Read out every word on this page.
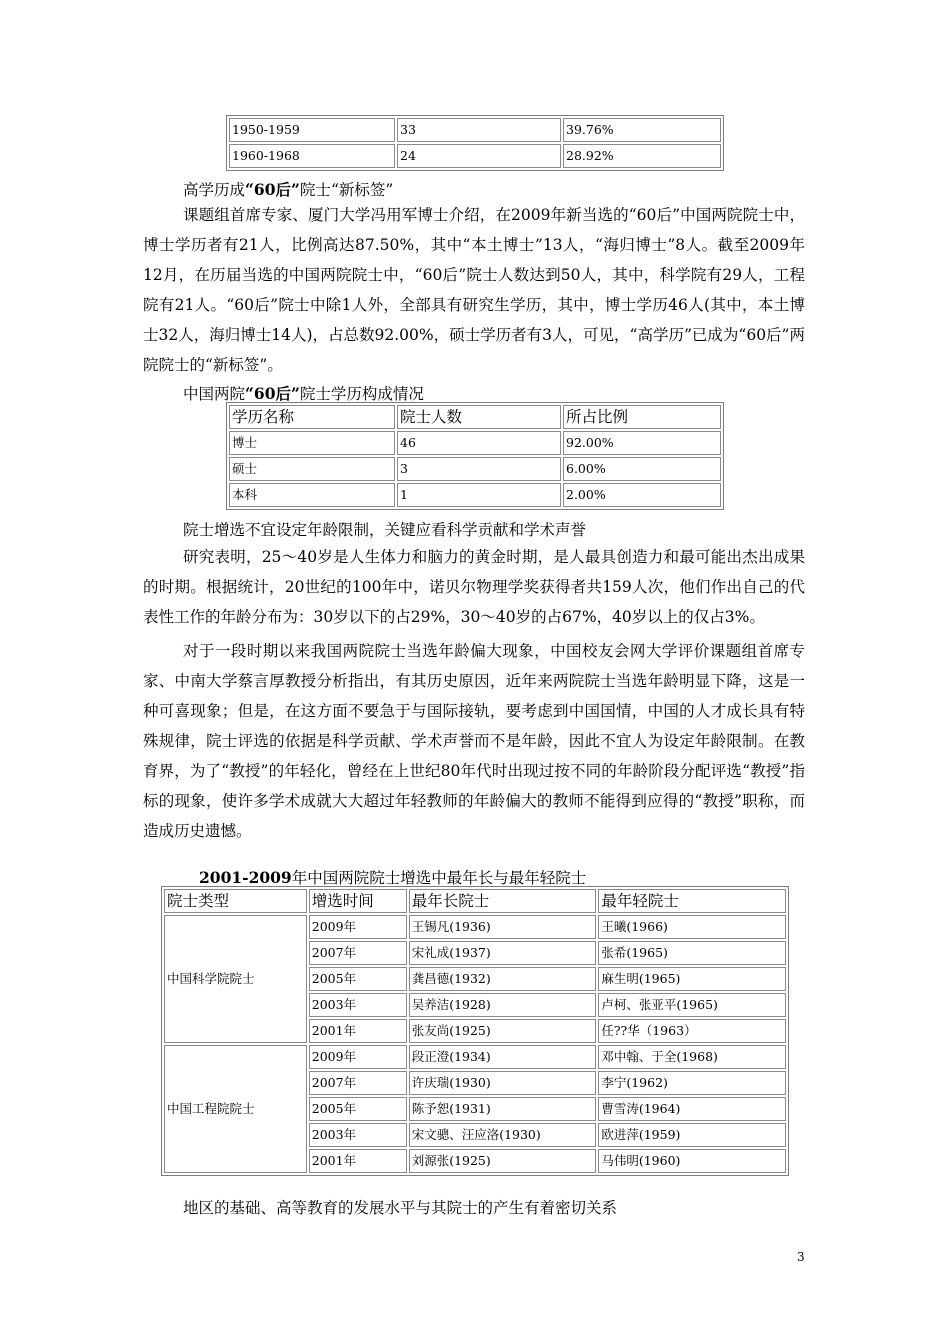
1950-1959	33	39.76%
1960-1968	24	28.92%
高学历成“60后”院士“新标签”

课题组首席专家、厦门大学冯用军博士介绍，在2009年新当选的“60后”中国两院院士中，博士学历者有21人，比例高达87.50%，其中“本土博士”13人，“海归博士”8人。截至2009年12月，在历届当选的中国两院院士中，“60后”院士人数达到50人，其中，科学院有29人，工程院有21人。“60后”院士中除1人外，全部具有研究生学历，其中，博士学历46人(其中，本土博士32人，海归博士14人)，占总数92.00%，硕士学历者有3人，可见，“高学历”已成为“60后”两院院士的“新标签”。

中国两院“60后”院士学历构成情况
学历名称	院士人数	所占比例
博士	46	92.00%
硕士	3	6.00%
本科	1	2.00%
院士增选不宜设定年龄限制，关键应看科学贡献和学术声誉

研究表明，25～40岁是人生体力和脑力的黄金时期，是人最具创造力和最可能出杰出成果的时期。根据统计，20世纪的100年中，诺贝尔物理学奖获得者共159人次，他们作出自己的代表性工作的年龄分布为：30岁以下的占29%，30～40岁的占67%，40岁以上的仅占3%。

对于一段时期以来我国两院院士当选年龄偏大现象，中国校友会网大学评价课题组首席专家、中南大学蔡言厚教授分析指出，有其历史原因，近年来两院院士当选年龄明显下降，这是一种可喜现象；但是，在这方面不要急于与国际接轨，要考虑到中国国情，中国的人才成长具有特殊规律，院士评选的依据是科学贡献、学术声誉而不是年龄，因此不宜人为设定年龄限制。在教育界，为了“教授”的年轻化，曾经在上世纪80年代时出现过按不同的年龄阶段分配评选“教授”指标的现象，使许多学术成就大大超过年轻教师的年龄偏大的教师不能得到应得的“教授”职称，而造成历史遗憾。

2001-2009年中国两院院士增选中最年长与最年轻院士
院士类型	增选时间	最年长院士	最年轻院士
中国科学院院士	2009年	王锡凡(1936)	王曦(1966)
	2007年	宋礼成(1937)	张希(1965)
	2005年	龚昌德(1932)	麻生明(1965)
	2003年	吴养洁(1928)	卢柯、张亚平(1965)
	2001年	张友尚(1925)	任??华（1963）
中国工程院院士	2009年	段正澄(1934)	邓中翰、于全(1968)
	2007年	许庆瑞(1930)	李宁(1962)
	2005年	陈予恕(1931)	曹雪涛(1964)
	2003年	宋文骢、汪应洛(1930)	欧进萍(1959)
	2001年	刘源张(1925)	马伟明(1960)
地区的基础、高等教育的发展水平与其院士的产生有着密切关系
3
